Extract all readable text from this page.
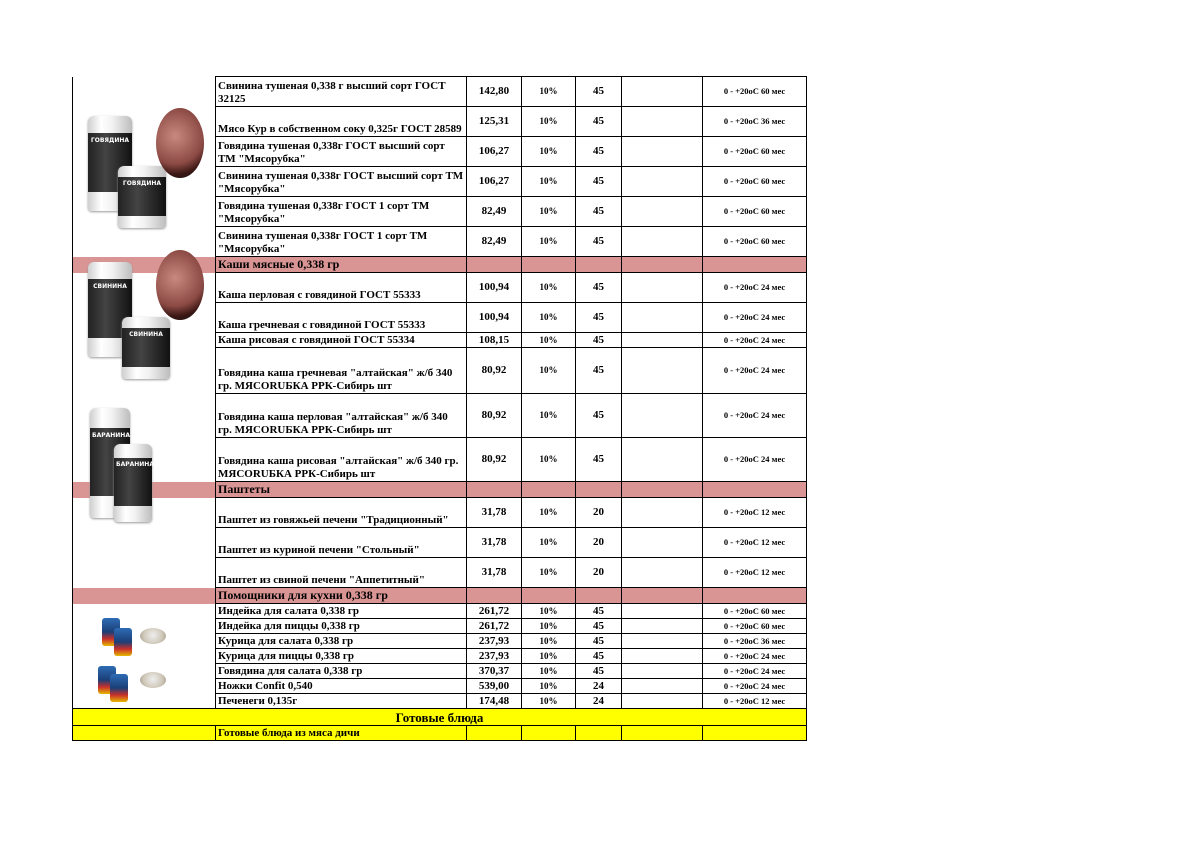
	Свинина тушеная 0,338 г высший сорт ГОСТ 32125	142,80	10%	45		0 - +20оС 60 мес
	Мясо Кур в собственном соку 0,325г ГОСТ 28589	125,31	10%	45		0 - +20оС 36 мес
	Говядина тушеная 0,338г ГОСТ высший сорт ТМ "Мясорубка"	106,27	10%	45		0 - +20оС 60 мес
	Свинина тушеная 0,338г ГОСТ высший сорт ТМ "Мясорубка"	106,27	10%	45		0 - +20оС 60 мес
	Говядина тушеная 0,338г ГОСТ 1 сорт ТМ "Мясорубка"	82,49	10%	45		0 - +20оС 60 мес
	Свинина тушеная 0,338г ГОСТ 1 сорт ТМ "Мясорубка"	82,49	10%	45		0 - +20оС 60 мес
	Каши мясные 0,338 гр					
	Каша перловая с говядиной ГОСТ 55333	100,94	10%	45		0 - +20оС 24 мес
	Каша гречневая с говядиной ГОСТ 55333	100,94	10%	45		0 - +20оС 24 мес
	Каша рисовая с говядиной ГОСТ 55334	108,15	10%	45		0 - +20оС 24 мес
	Говядина каша гречневая "алтайская" ж/б 340 гр. МЯСОRUБКА РРК-Сибирь шт	80,92	10%	45		0 - +20оС 24 мес
	Говядина каша перловая "алтайская" ж/б 340 гр. МЯСОRUБКА РРК-Сибирь шт	80,92	10%	45		0 - +20оС 24 мес
	Говядина каша рисовая "алтайская" ж/б 340 гр. МЯСОRUБКА РРК-Сибирь шт	80,92	10%	45		0 - +20оС 24 мес
	Паштеты					
	Паштет из говяжьей печени "Традиционный"	31,78	10%	20		0 - +20оС 12 мес
	Паштет из куриной печени "Стольный"	31,78	10%	20		0 - +20оС 12 мес
	Паштет из свиной печени "Аппетитный"	31,78	10%	20		0 - +20оС 12 мес
	Помощники для кухни 0,338 гр					
	Индейка для салата 0,338 гр	261,72	10%	45		0 - +20оС 60 мес
	Индейка для пиццы 0,338 гр	261,72	10%	45		0 - +20оС 60 мес
	Курица для салата 0,338 гр	237,93	10%	45		0 - +20оС 36 мес
	Курица для пиццы 0,338 гр	237,93	10%	45		0 - +20оС 24 мес
	Говядина для салата 0,338 гр	370,37	10%	45		0 - +20оС 24 мес
	Ножки Confit 0,540	539,00	10%	24		0 - +20оС 24 мес
	Печенеги 0,135г	174,48	10%	24		0 - +20оС 12 мес
Готовые блюда						
	Готовые блюда из мяса дичи					
ГОВЯДИНА
ГОВЯДИНА
СВИНИНА
СВИНИНА
БАРАНИНА
БАРАНИНА
